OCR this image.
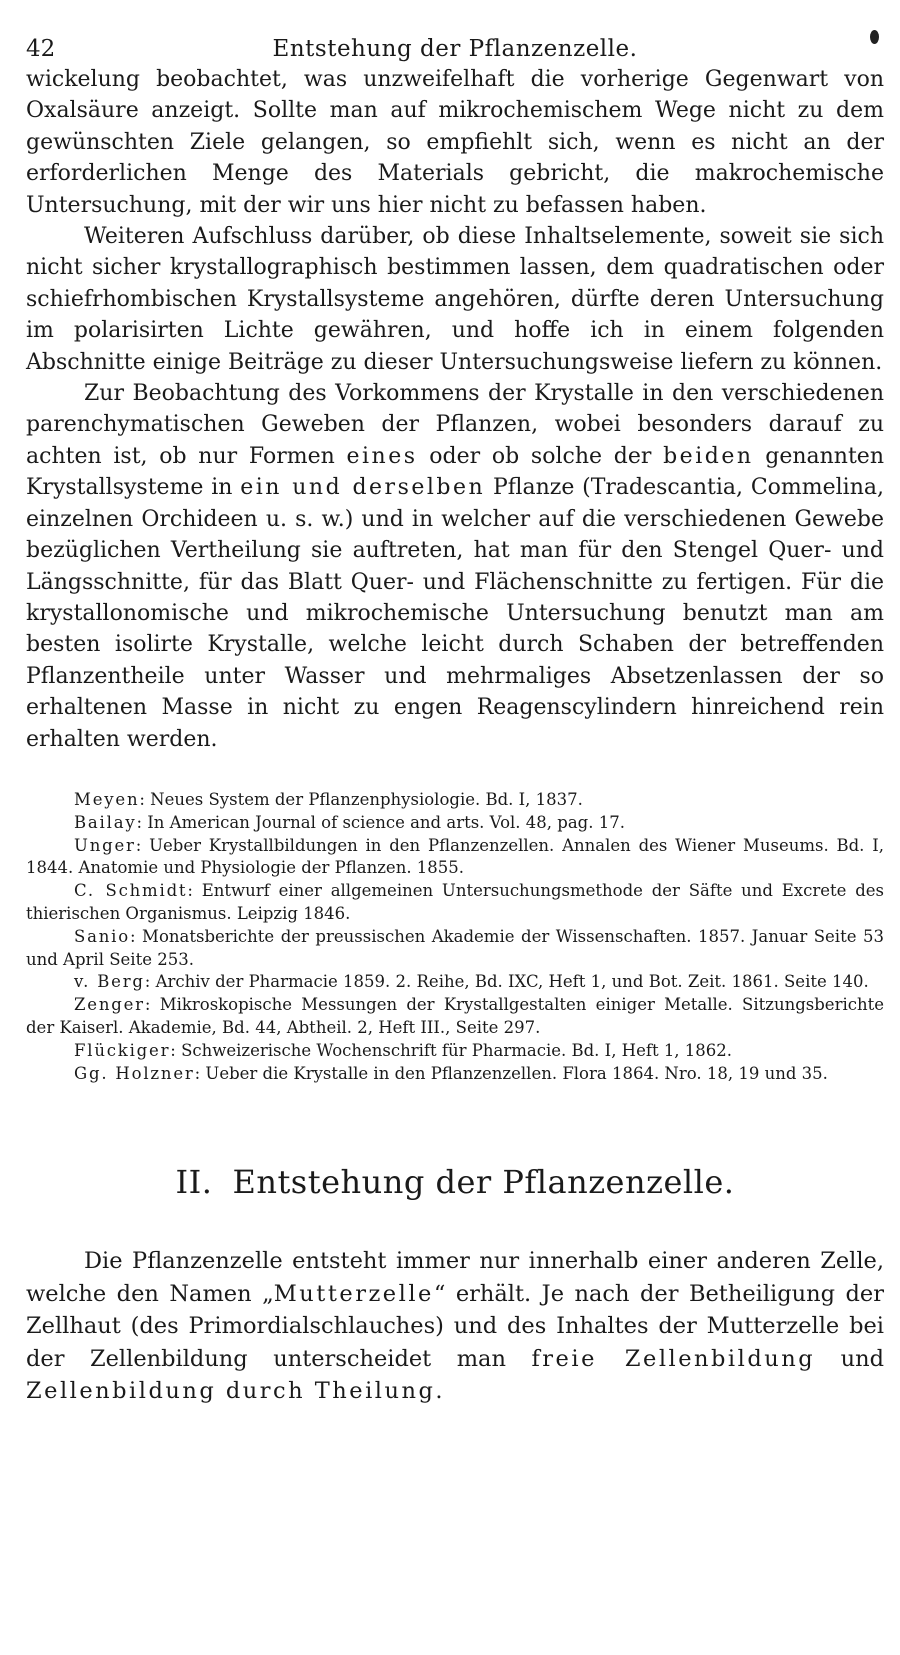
42	Entstehung der Pflanzenzelle.

wickelung beobachtet, was unzweifelhaft die vorherige Gegenwart von Oxalsäure anzeigt. Sollte man auf mikrochemischem Wege nicht zu dem gewünschten Ziele gelangen, so empfiehlt sich, wenn es nicht an der erforderlichen Menge des Materials gebricht, die makrochemische Untersuchung, mit der wir uns hier nicht zu befassen haben.

Weiteren Aufschluss darüber, ob diese Inhaltselemente, soweit sie sich nicht sicher krystallographisch bestimmen lassen, dem quadratischen oder schiefrhombischen Krystallsysteme angehören, dürfte deren Untersuchung im polarisirten Lichte gewähren, und hoffe ich in einem folgenden Abschnitte einige Beiträge zu dieser Untersuchungsweise liefern zu können.

Zur Beobachtung des Vorkommens der Krystalle in den verschiedenen parenchymatischen Geweben der Pflanzen, wobei besonders darauf zu achten ist, ob nur Formen eines oder ob solche der beiden genannten Krystallsysteme in ein und derselben Pflanze (Tradescantia, Commelina, einzelnen Orchideen u. s. w.) und in welcher auf die verschiedenen Gewebe bezüglichen Vertheilung sie auftreten, hat man für den Stengel Quer- und Längsschnitte, für das Blatt Quer- und Flächenschnitte zu fertigen. Für die krystallonomische und mikrochemische Untersuchung benutzt man am besten isolirte Krystalle, welche leicht durch Schaben der betreffenden Pflanzentheile unter Wasser und mehrmaliges Absetzenlassen der so erhaltenen Masse in nicht zu engen Reagenscylindern hinreichend rein erhalten werden.

Meyen: Neues System der Pflanzenphysiologie. Bd. I, 1837.

Bailay: In American Journal of science and arts. Vol. 48, pag. 17.

Unger: Ueber Krystallbildungen in den Pflanzenzellen. Annalen des Wiener Museums. Bd. I, 1844. Anatomie und Physiologie der Pflanzen. 1855.

C. Schmidt: Entwurf einer allgemeinen Untersuchungsmethode der Säfte und Excrete des thierischen Organismus. Leipzig 1846.

Sanio: Monatsberichte der preussischen Akademie der Wissenschaften. 1857. Januar Seite 53 und April Seite 253.

v. Berg: Archiv der Pharmacie 1859. 2. Reihe, Bd. IXC, Heft 1, und Bot. Zeit. 1861. Seite 140.

Zenger: Mikroskopische Messungen der Krystallgestalten einiger Metalle. Sitzungsberichte der Kaiserl. Akademie, Bd. 44, Abtheil. 2, Heft III., Seite 297.

Flückiger: Schweizerische Wochenschrift für Pharmacie. Bd. I, Heft 1, 1862.

Gg. Holzner: Ueber die Krystalle in den Pflanzenzellen. Flora 1864. Nro. 18, 19 und 35.

II. Entstehung der Pflanzenzelle.

Die Pflanzenzelle entsteht immer nur innerhalb einer anderen Zelle, welche den Namen „Mutterzelle“ erhält. Je nach der Betheiligung der Zellhaut (des Primordialschlauches) und des Inhaltes der Mutterzelle bei der Zellenbildung unterscheidet man freie Zellenbildung und Zellenbildung durch Theilung.
